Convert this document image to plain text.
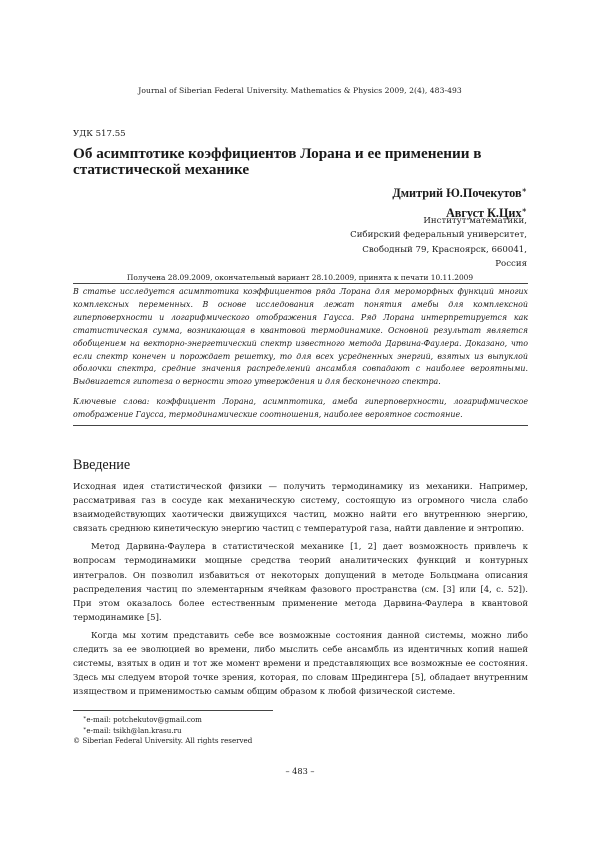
Journal of Siberian Federal University. Mathematics & Physics 2009, 2(4), 483-493
УДК 517.55
Об асимптотике коэффициентов Лорана и ее применении в статистической механике
Дмитрий Ю.Почекутов∗
Август К.Цих∗
Институт математики,
Сибирский федеральный университет,
Свободный 79, Красноярск, 660041,
Россия
Получена 28.09.2009, окончательный вариант 28.10.2009, принята к печати 10.11.2009

В статье исследуется асимптотика коэффициентов ряда Лорана для мероморфных функций многих комплексных переменных. В основе исследования лежат понятия амебы для комплексной гиперповерхности и логарифмического отображения Гаусса. Ряд Лорана интерпретируется как статистическая сумма, возникающая в квантовой термодинамике. Основной результат является обобщением на векторно-энергетический спектр известного метода Дарвина-Фаулера. Доказано, что если спектр конечен и порождает решетку, то для всех усредненных энергий, взятых из выпуклой оболочки спектра, средние значения распределений ансамбля совпадают с наиболее вероятными. Выдвигается гипотеза о верности этого утверждения и для бесконечного спектра.

Ключевые слова: коэффициент Лорана, асимптотика, амеба гиперповерхности, логарифмическое отображение Гаусса, термодинамические соотношения, наиболее вероятное состояние.

Введение

Исходная идея статистической физики — получить термодинамику из механики. Например, рассматривая газ в сосуде как механическую систему, состоящую из огромного числа слабо взаимодействующих хаотически движущихся частиц, можно найти его внутреннюю энергию, связать среднюю кинетическую энергию частиц с температурой газа, найти давление и энтропию.

Метод Дарвина-Фаулера в статистической механике [1, 2] дает возможность привлечь к вопросам термодинамики мощные средства теорий аналитических функций и контурных интегралов. Он позволил избавиться от некоторых допущений в методе Больцмана описания распределения частиц по элементарным ячейкам фазового пространства (см. [3] или [4, с. 52]). При этом оказалось более естественным применение метода Дарвина-Фаулера в квантовой термодинамике [5].

Когда мы хотим представить себе все возможные состояния данной системы, можно либо следить за ее эволюцией во времени, либо мыслить себе ансамбль из идентичных копий нашей системы, взятых в один и тот же момент времени и представляющих все возможные ее состояния. Здесь мы следуем второй точке зрения, которая, по словам Шредингера [5], обладает внутренним изяществом и применимостью самым общим образом к любой физической системе.

∗e-mail: potchekutov@gmail.com
∗e-mail: tsikh@lan.krasu.ru
© Siberian Federal University. All rights reserved
– 483 –
